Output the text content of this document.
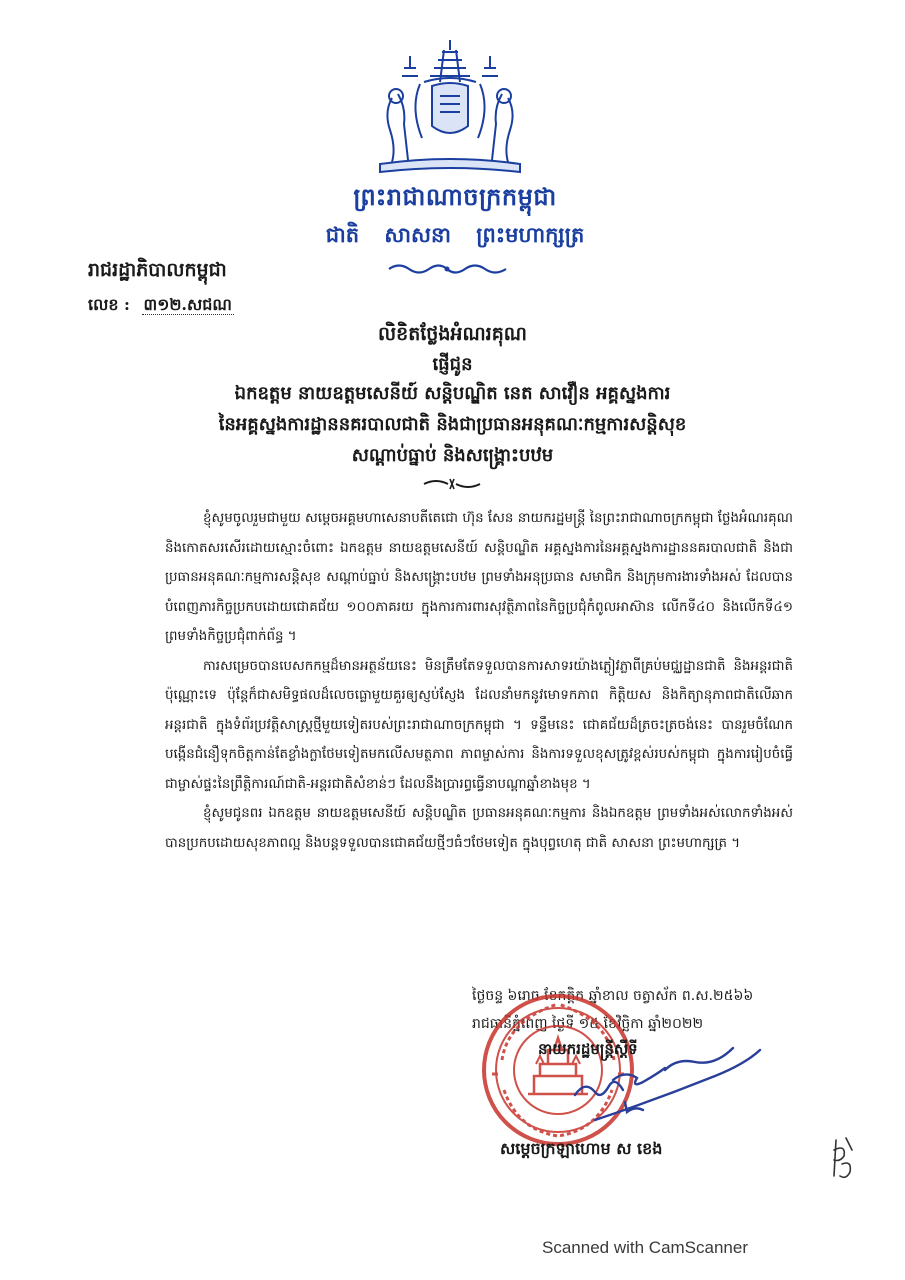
ព្រះរាជាណាចក្រកម្ពុជា
ជាតិ សាសនា ព្រះមហាក្សត្រ
រាជរដ្ឋាភិបាលកម្ពុជា
លេខ : ៣១២.សជណ
លិខិតថ្លែងអំណរគុណ
ផ្ញើជូន
ឯកឧត្តម នាយឧត្តមសេនីយ៍ សន្តិបណ្ឌិត នេត សាវឿន អគ្គស្នងការ
នៃអគ្គស្នងការដ្ឋាននគរបាលជាតិ និងជាប្រធានអនុគណៈកម្មការសន្តិសុខ
សណ្តាប់ធ្នាប់ និងសង្គ្រោះបឋម

ខ្ញុំសូមចូលរួមជាមួយ សម្តេចអគ្គមហាសេនាបតីតេជោ ហ៊ុន សែន នាយករដ្ឋមន្ត្រី នៃព្រះរាជាណាចក្រកម្ពុជា ថ្លែងអំណរគុណ និងកោតសរសើរដោយស្មោះចំពោះ ឯកឧត្តម នាយឧត្តមសេនីយ៍ សន្តិបណ្ឌិត អគ្គស្នងការនៃអគ្គស្នងការដ្ឋាននគរបាលជាតិ និងជាប្រធានអនុគណៈកម្មការសន្តិសុខ សណ្តាប់ធ្នាប់ និងសង្គ្រោះបឋម ព្រមទាំងអនុប្រធាន សមាជិក និងក្រុមការងារទាំងអស់ ដែលបានបំពេញភារកិច្ចប្រកបដោយជោគជ័យ ១០០ភាគរយ ក្នុងការការពារសុវត្ថិភាពនៃកិច្ចប្រជុំកំពូលអាស៊ាន លើកទី៤០ និងលើកទី៤១ ព្រមទាំងកិច្ចប្រជុំពាក់ព័ន្ធ ។

ការសម្រេចបានបេសកកម្មដ៏មានអត្ថន័យនេះ មិនត្រឹមតែទទួលបានការសាទរយ៉ាងភ្លៀវភ្លាពីគ្រប់មជ្ឈដ្ឋានជាតិ និងអន្តរជាតិប៉ុណ្ណោះទេ ប៉ុន្តែក៏ជាសមិទ្ធផលដ៏លេចធ្លោមួយគួរឲ្យស្ញប់ស្ញែង ដែលនាំមកនូវមោទកភាព កិត្តិយស និងកិត្យានុភាពជាតិលើឆាកអន្តរជាតិ ក្នុងទំព័រប្រវត្តិសាស្ត្រថ្មីមួយទៀតរបស់ព្រះរាជាណាចក្រកម្ពុជា ។ ទន្ទឹមនេះ ជោគជ័យដ៏ត្រចះត្រចង់នេះ បានរួមចំណែកបង្កើនជំនឿទុកចិត្តកាន់តែខ្លាំងក្លាថែមទៀតមកលើសមត្ថភាព ភាពម្ចាស់ការ និងការទទួលខុសត្រូវខ្ពស់របស់កម្ពុជា ក្នុងការរៀបចំធ្វើជាម្ចាស់ផ្ទះនៃព្រឹត្តិការណ៍ជាតិ-អន្តរជាតិសំខាន់ៗ ដែលនឹងប្រារព្ធធ្វើនាបណ្តាឆ្នាំខាងមុខ ។

ខ្ញុំសូមជូនពរ ឯកឧត្តម នាយឧត្តមសេនីយ៍ សន្តិបណ្ឌិត ប្រធានអនុគណៈកម្មការ និងឯកឧត្តម ព្រមទាំងអស់លោកទាំងអស់ បានប្រកបដោយសុខភាពល្អ និងបន្តទទួលបានជោគជ័យថ្មីៗធំៗថែមទៀត ក្នុងបុព្វហេតុ ជាតិ សាសនា ព្រះមហាក្សត្រ ។

ថ្ងៃចន្ទ ៦រោច ខែកត្តិក ឆ្នាំខាល ចត្វាស័ក ព.ស.២៥៦៦
រាជធានីភ្នំពេញ ថ្ងៃទី ១៥ ខែវិច្ឆិកា ឆ្នាំ២០២២
នាយករដ្ឋមន្ត្រីស្តីទី
សម្តេចក្រឡាហោម ស ខេង
Scanned with CamScanner
